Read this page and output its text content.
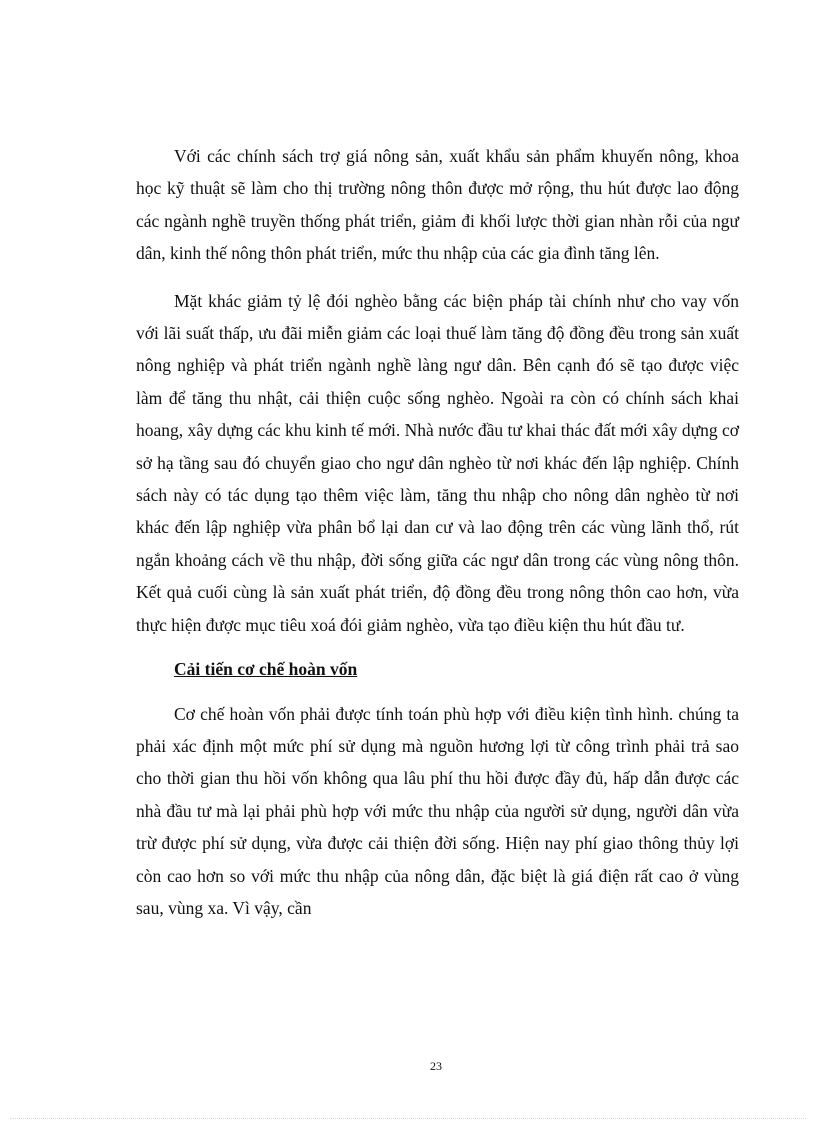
Với các chính sách trợ giá nông sản, xuất khẩu sản phẩm khuyến nông, khoa học kỹ thuật sẽ làm cho thị trường nông thôn được mở rộng, thu hút được lao động các ngành nghề truyền thống phát triển, giảm đi khối lược thời gian nhàn rỗi của ngư dân, kinh thế nông thôn phát triển, mức thu nhập của các gia đình tăng lên.

Mặt khác giảm tỷ lệ đói nghèo bằng các biện pháp tài chính như cho vay vốn với lãi suất thấp, ưu đãi miễn giảm các loại thuế làm tăng độ đồng đều trong sản xuất nông nghiệp và phát triển ngành nghề làng ngư dân. Bên cạnh đó sẽ tạo được việc làm để tăng thu nhật, cải thiện cuộc sống nghèo. Ngoài ra còn có chính sách khai hoang, xây dựng các khu kinh tế mới. Nhà nước đầu tư khai thác đất mới xây dựng cơ sở hạ tầng sau đó chuyển giao cho ngư dân nghèo từ nơi khác đến lập nghiệp. Chính sách này có tác dụng tạo thêm việc làm, tăng thu nhập cho nông dân nghèo từ nơi khác đến lập nghiệp vừa phân bổ lại dan cư và lao động trên các vùng lãnh thổ, rút ngắn khoảng cách về thu nhập, đời sống giữa các ngư dân trong các vùng nông thôn. Kết quả cuối cùng là sản xuất phát triển, độ đồng đều trong nông thôn cao hơn, vừa thực hiện được mục tiêu xoá đói giảm nghèo, vừa tạo điều kiện thu hút đầu tư.

Cải tiến cơ chế hoàn vốn

Cơ chế hoàn vốn phải được tính toán phù hợp với điều kiện tình hình. chúng ta phải xác định một mức phí sử dụng mà nguồn hương lợi từ công trình phải trả sao cho thời gian thu hồi vốn không qua lâu phí thu hồi được đầy đủ, hấp dẫn được các nhà đầu tư mà lại phải phù hợp với mức thu nhập của người sử dụng, người dân vừa trừ được phí sử dụng, vừa được cải thiện đời sống. Hiện nay phí giao thông thủy lợi còn cao hơn so với mức thu nhập của nông dân, đặc biệt là giá điện rất cao ở vùng sau, vùng xa. Vì vậy, cần

23
